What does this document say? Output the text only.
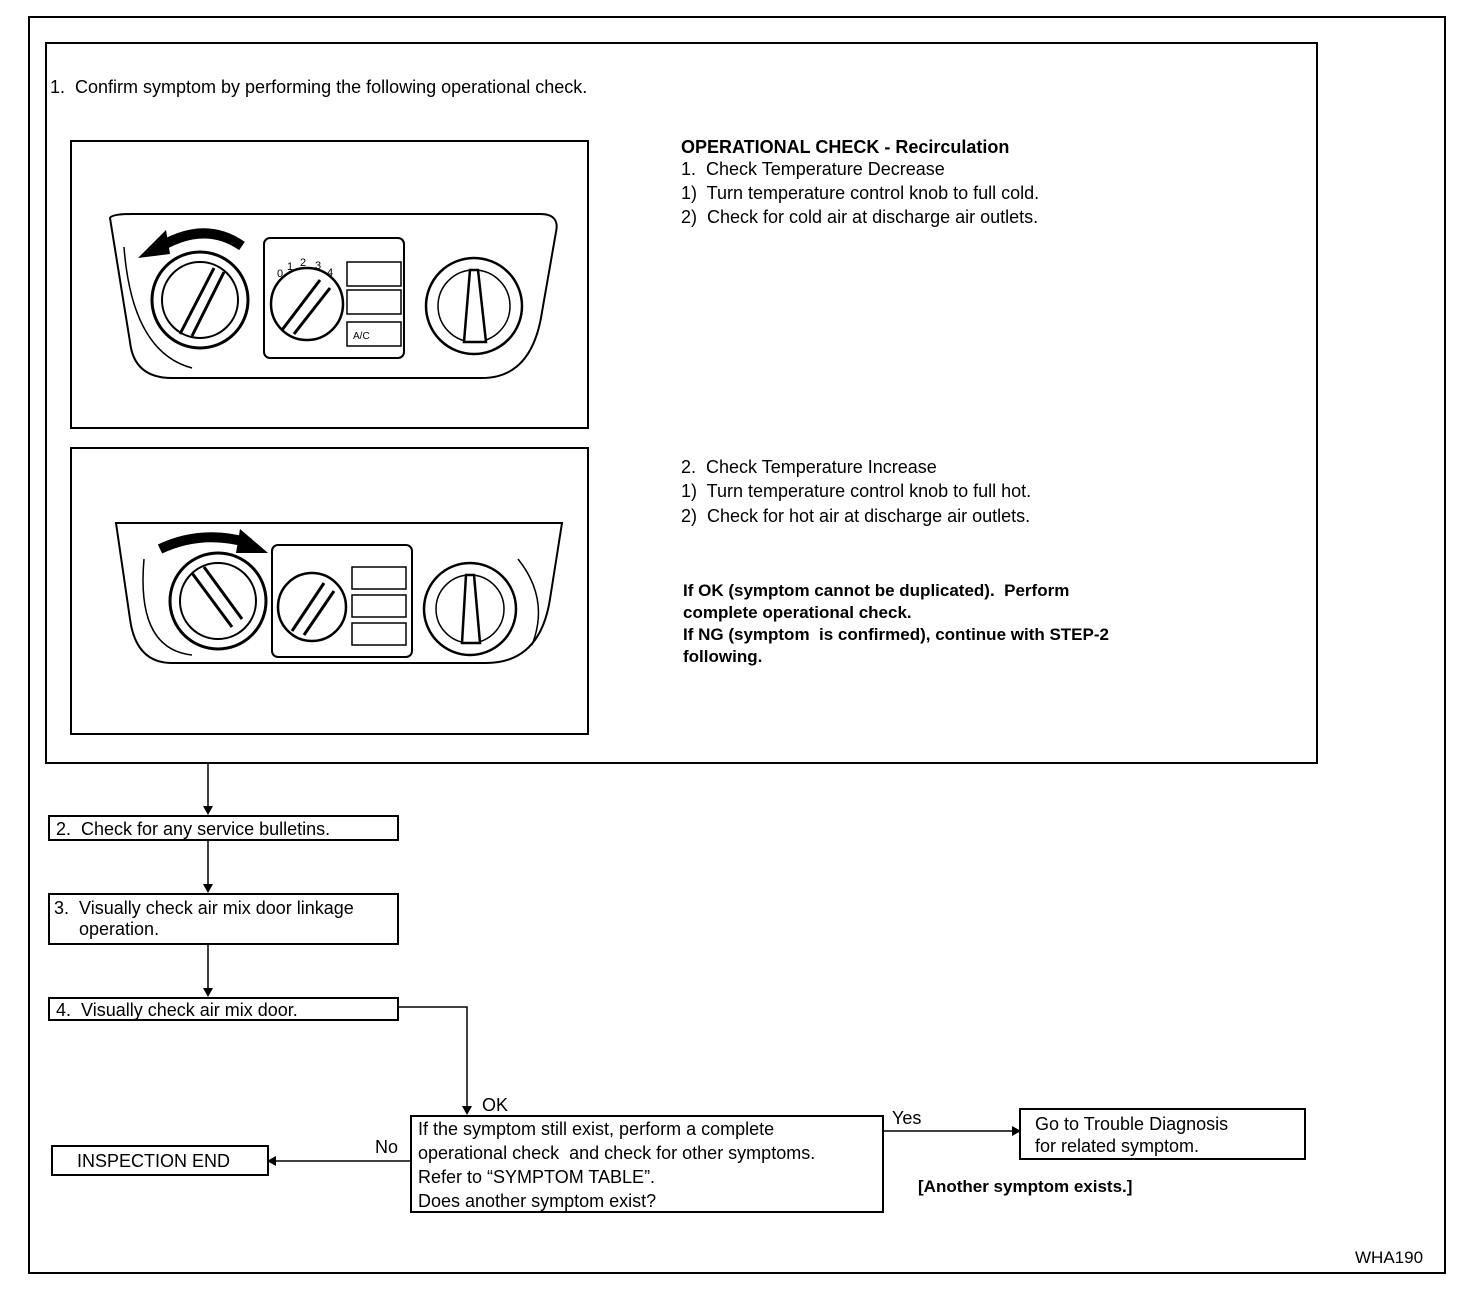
1.  Confirm symptom by performing the following operational check.
0
1 2 3
4
A/C
OPERATIONAL CHECK - Recirculation
1.  Check Temperature Decrease
1)  Turn temperature control knob to full cold.
2)  Check for cold air at discharge air outlets.
2.  Check Temperature Increase
1)  Turn temperature control knob to full hot.
2)  Check for hot air at discharge air outlets.
If OK (symptom cannot be duplicated).  Perform
complete operational check.
If NG (symptom  is confirmed), continue with STEP-2
following.
2.  Check for any service bulletins.
3.  Visually check air mix door linkage
operation.
4.  Visually check air mix door.
OK
If the symptom still exist, perform a complete
operational check  and check for other symptoms.
Refer to “SYMPTOM TABLE”.
Does another symptom exist?
Yes
No
Go to Trouble Diagnosis
for related symptom.
INSPECTION END
[Another symptom exists.]
WHA190
